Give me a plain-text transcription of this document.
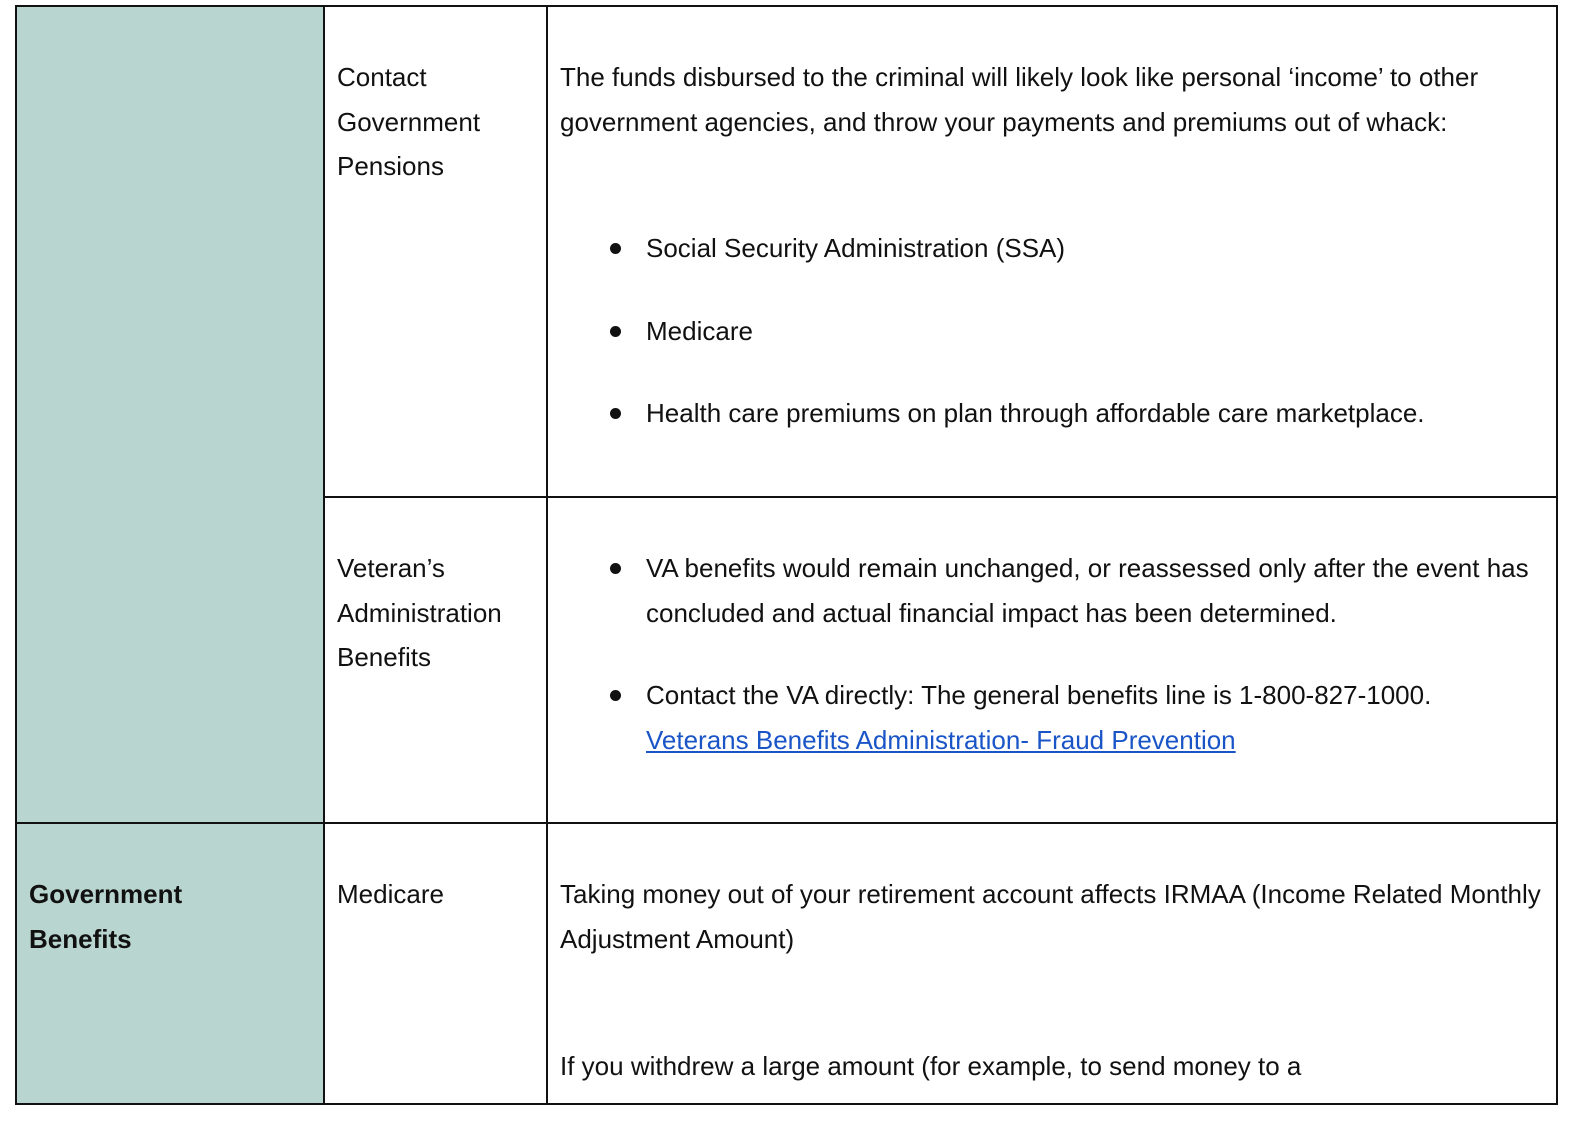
Government Benefits
Contact Government Pensions
The funds disbursed to the criminal will likely look like personal ‘income’ to other government agencies, and throw your payments and premiums out of whack:
Social Security Administration (SSA)
Medicare
Health care premiums on plan through affordable care marketplace.
Veteran’s Administration Benefits
VA benefits would remain unchanged, or reassessed only after the event has concluded and actual financial impact has been determined.
Contact the VA directly: The general benefits line is 1-800-827-1000.
Veterans Benefits Administration- Fraud Prevention
Medicare	Taking money out of your retirement account affects IRMAA (Income Related Monthly Adjustment Amount)
If you withdrew a large amount (for example, to send money to a
